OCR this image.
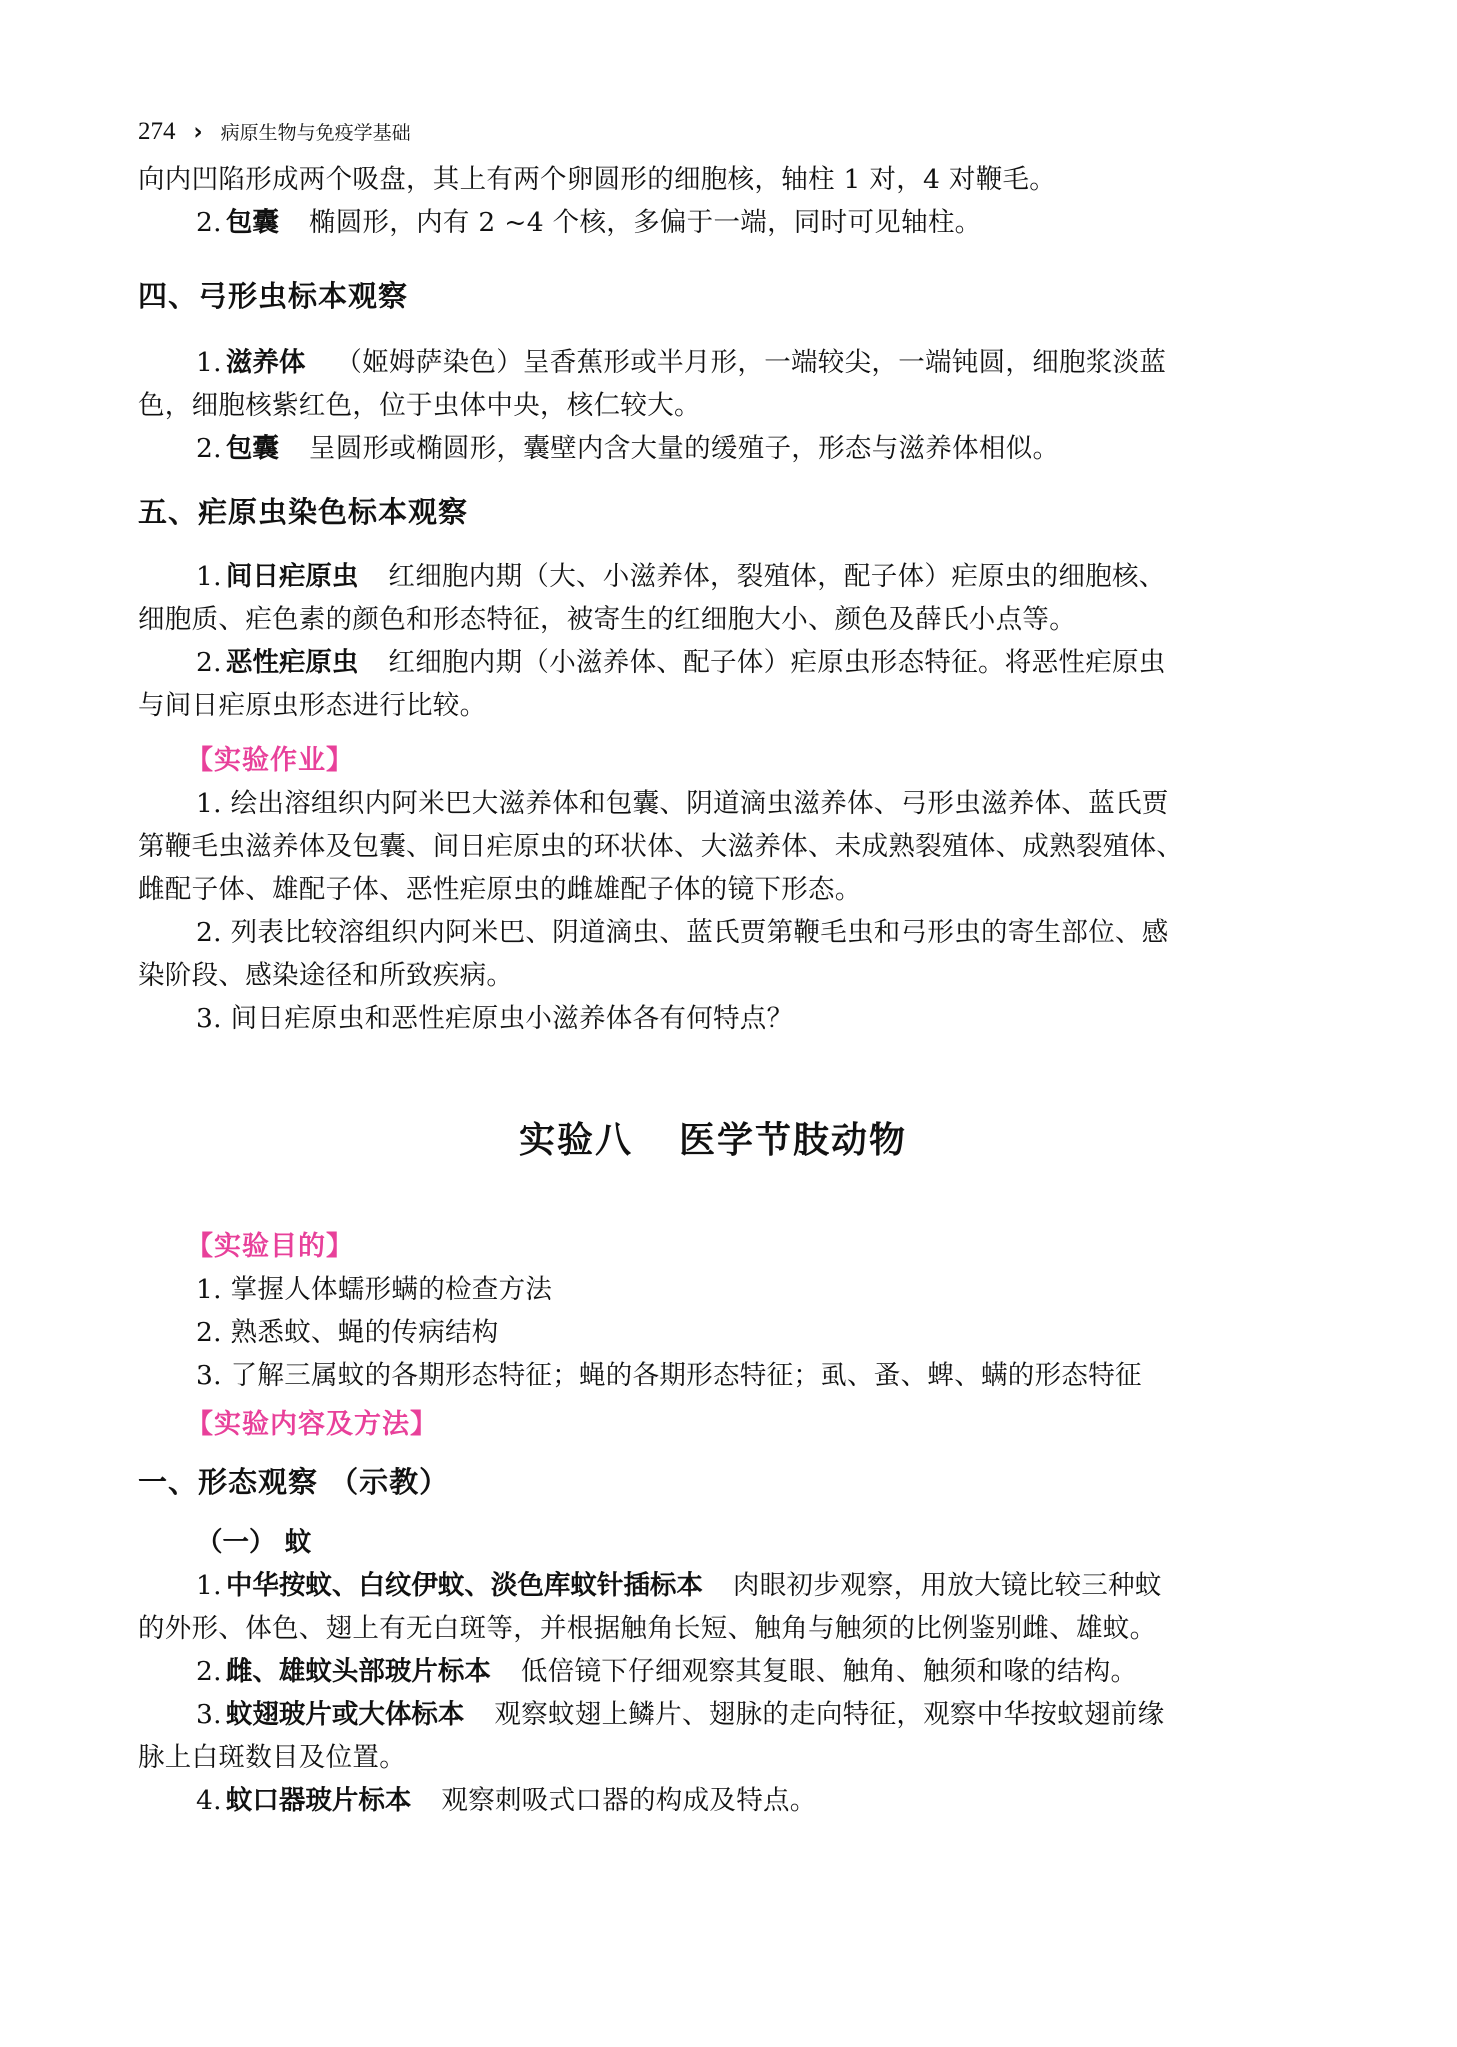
274 › 病原生物与免疫学基础

向内凹陷形成两个吸盘，其上有两个卵圆形的细胞核，轴柱 1 对，4 对鞭毛。

2. 包囊 椭圆形，内有 2 ~4 个核，多偏于一端，同时可见轴柱。

四、弓形虫标本观察

1. 滋养体 （姬姆萨染色）呈香蕉形或半月形，一端较尖，一端钝圆，细胞浆淡蓝

色，细胞核紫红色，位于虫体中央，核仁较大。

2. 包囊 呈圆形或椭圆形，囊壁内含大量的缓殖子，形态与滋养体相似。

五、疟原虫染色标本观察

1. 间日疟原虫 红细胞内期（大、小滋养体，裂殖体，配子体）疟原虫的细胞核、

细胞质、疟色素的颜色和形态特征，被寄生的红细胞大小、颜色及薛氏小点等。

2. 恶性疟原虫 红细胞内期（小滋养体、配子体）疟原虫形态特征。将恶性疟原虫

与间日疟原虫形态进行比较。

【实验作业】

1. 绘出溶组织内阿米巴大滋养体和包囊、阴道滴虫滋养体、弓形虫滋养体、蓝氏贾

第鞭毛虫滋养体及包囊、间日疟原虫的环状体、大滋养体、未成熟裂殖体、成熟裂殖体、

雌配子体、雄配子体、恶性疟原虫的雌雄配子体的镜下形态。

2. 列表比较溶组织内阿米巴、阴道滴虫、蓝氏贾第鞭毛虫和弓形虫的寄生部位、感

染阶段、感染途径和所致疾病。

3. 间日疟原虫和恶性疟原虫小滋养体各有何特点？

实验八 医学节肢动物
【实验目的】

1. 掌握人体蠕形螨的检查方法

2. 熟悉蚊、蝇的传病结构

3. 了解三属蚊的各期形态特征；蝇的各期形态特征；虱、蚤、蜱、螨的形态特征

【实验内容及方法】
一、形态观察 （示教）
（一） 蚊

1. 中华按蚊、白纹伊蚊、淡色库蚊针插标本 肉眼初步观察，用放大镜比较三种蚊

的外形、体色、翅上有无白斑等，并根据触角长短、触角与触须的比例鉴别雌、雄蚊。

2. 雌、雄蚊头部玻片标本 低倍镜下仔细观察其复眼、触角、触须和喙的结构。

3. 蚊翅玻片或大体标本 观察蚊翅上鳞片、翅脉的走向特征，观察中华按蚊翅前缘

脉上白斑数目及位置。

4. 蚊口器玻片标本 观察刺吸式口器的构成及特点。
